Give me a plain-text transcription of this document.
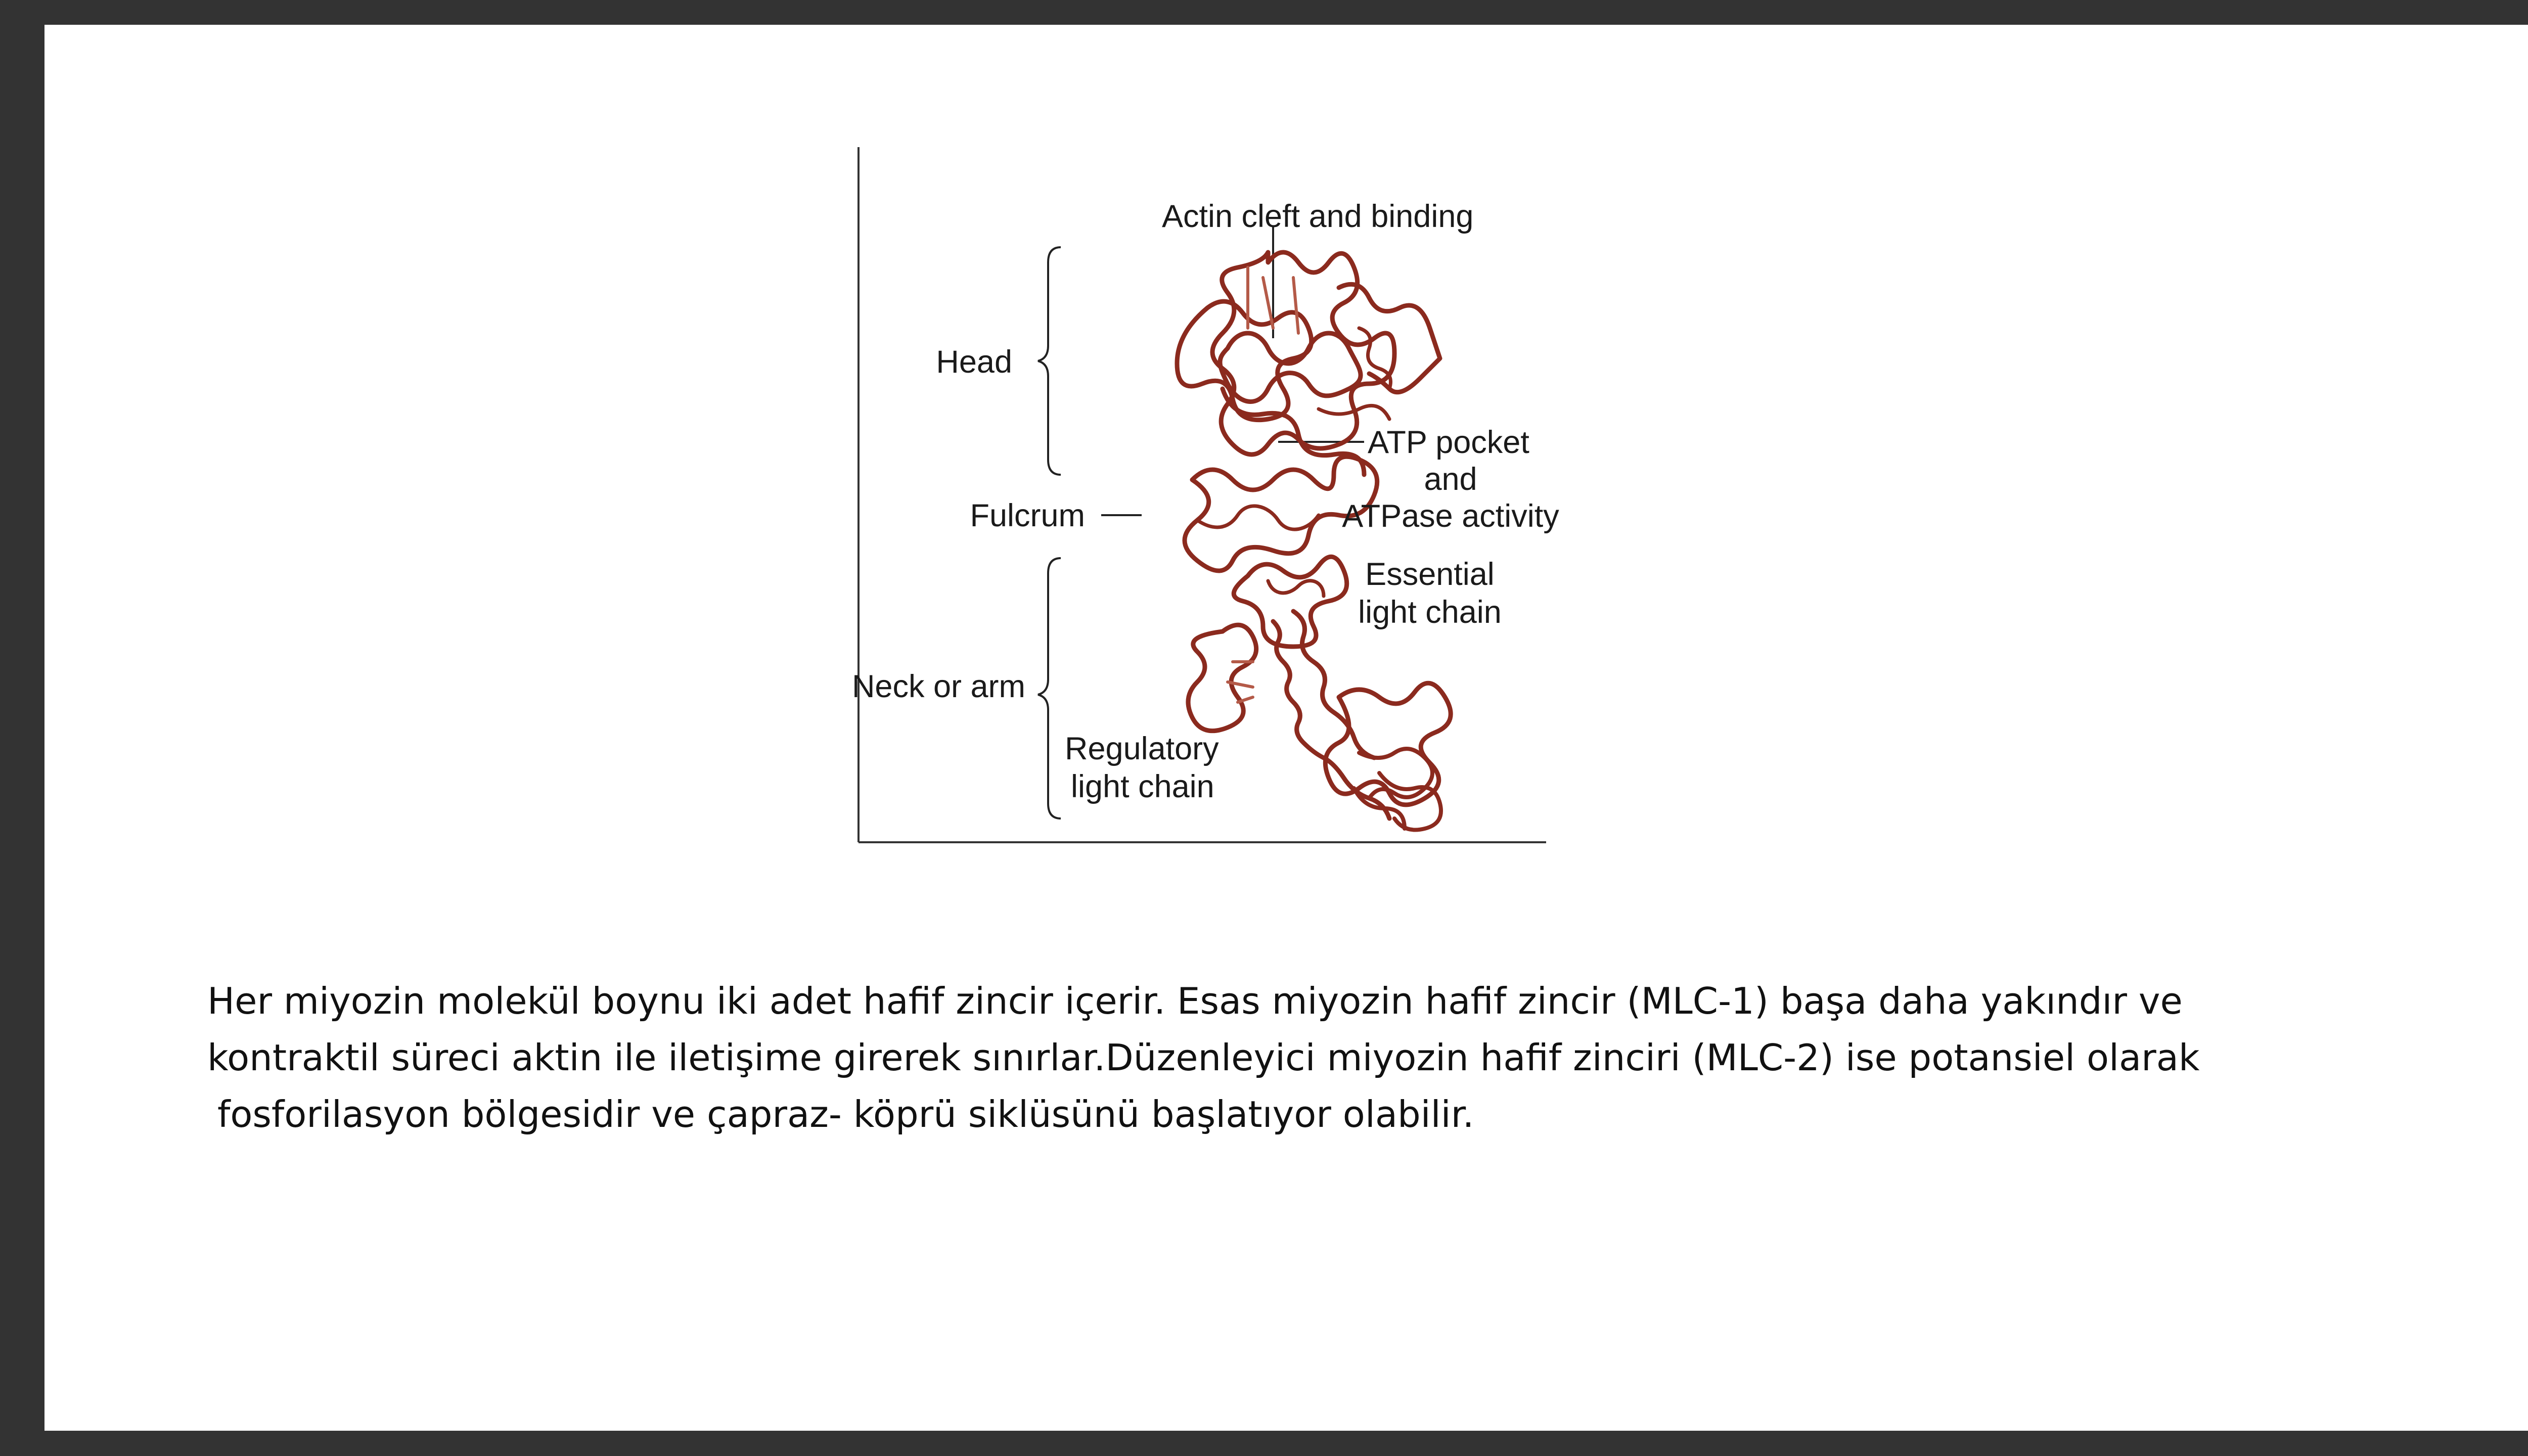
Actin cleft and binding
Head
ATP pocket
and
ATPase activity
Fulcrum
Essential
light chain
Neck or arm
Regulatory
light chain
Her miyozin molekül boynu iki adet hafif zincir içerir. Esas miyozin hafif zincir (MLC-1) başa daha yakındır ve
kontraktil süreci aktin ile iletişime girerek sınırlar.Düzenleyici miyozin hafif zinciri (MLC-2) ise potansiel olarak
fosforilasyon bölgesidir ve çapraz- köprü siklüsünü başlatıyor olabilir.
